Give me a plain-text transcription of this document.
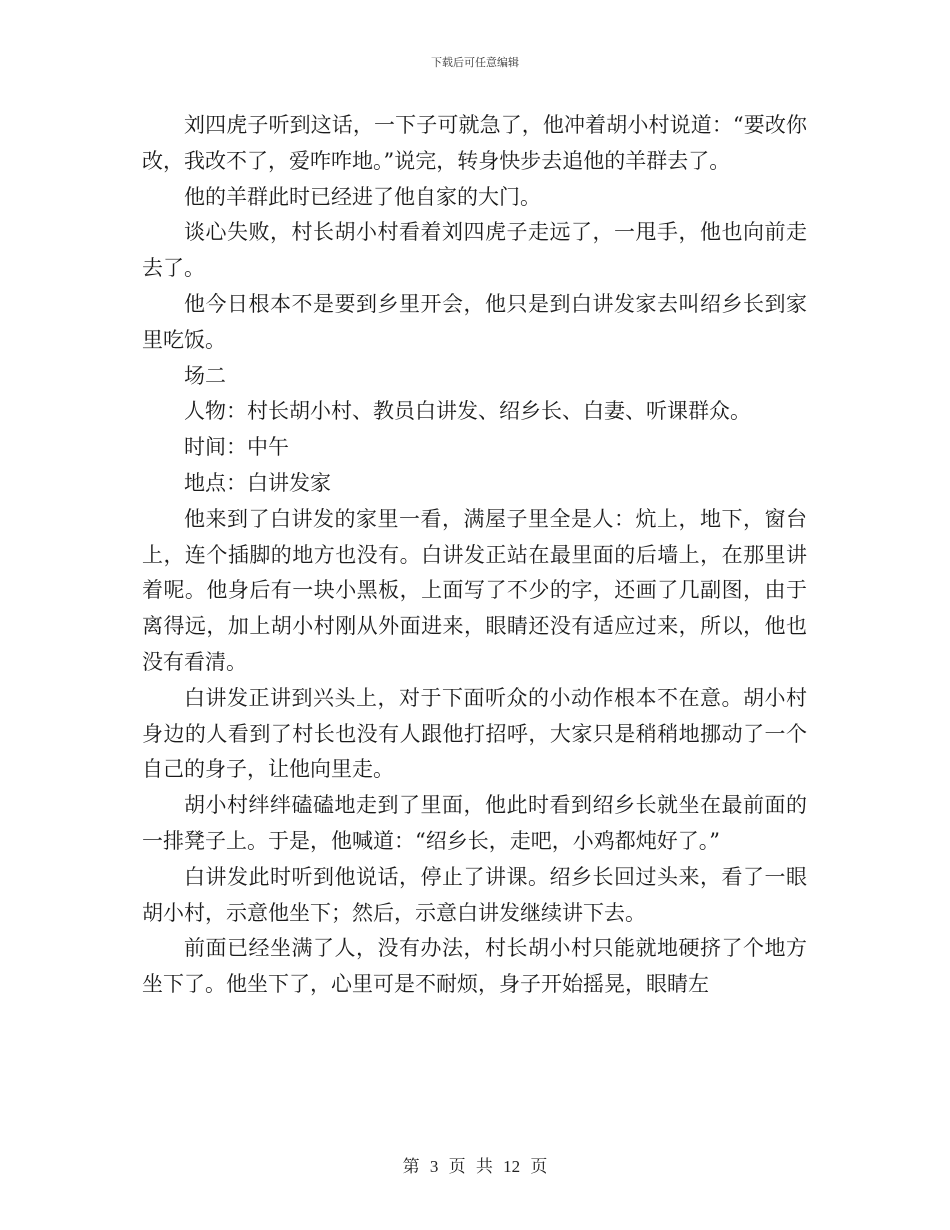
下载后可任意编辑

刘四虎子听到这话，一下子可就急了，他冲着胡小村说道：“要改你改，我改不了，爱咋咋地。”说完，转身快步去追他的羊群去了。

他的羊群此时已经进了他自家的大门。

谈心失败，村长胡小村看着刘四虎子走远了，一甩手，他也向前走去了。

他今日根本不是要到乡里开会，他只是到白讲发家去叫绍乡长到家里吃饭。

场二

人物：村长胡小村、教员白讲发、绍乡长、白妻、听课群众。

时间：中午

地点：白讲发家

他来到了白讲发的家里一看，满屋子里全是人：炕上，地下，窗台上，连个插脚的地方也没有。白讲发正站在最里面的后墙上，在那里讲着呢。他身后有一块小黑板，上面写了不少的字，还画了几副图，由于离得远，加上胡小村刚从外面进来，眼睛还没有适应过来，所以，他也没有看清。

白讲发正讲到兴头上，对于下面听众的小动作根本不在意。胡小村身边的人看到了村长也没有人跟他打招呼，大家只是稍稍地挪动了一个自己的身子，让他向里走。

胡小村绊绊磕磕地走到了里面，他此时看到绍乡长就坐在最前面的一排凳子上。于是，他喊道：“绍乡长，走吧，小鸡都炖好了。”

白讲发此时听到他说话，停止了讲课。绍乡长回过头来，看了一眼胡小村，示意他坐下；然后，示意白讲发继续讲下去。

前面已经坐满了人，没有办法，村长胡小村只能就地硬挤了个地方坐下了。他坐下了，心里可是不耐烦，身子开始摇晃，眼睛左

第 3 页 共 12 页
